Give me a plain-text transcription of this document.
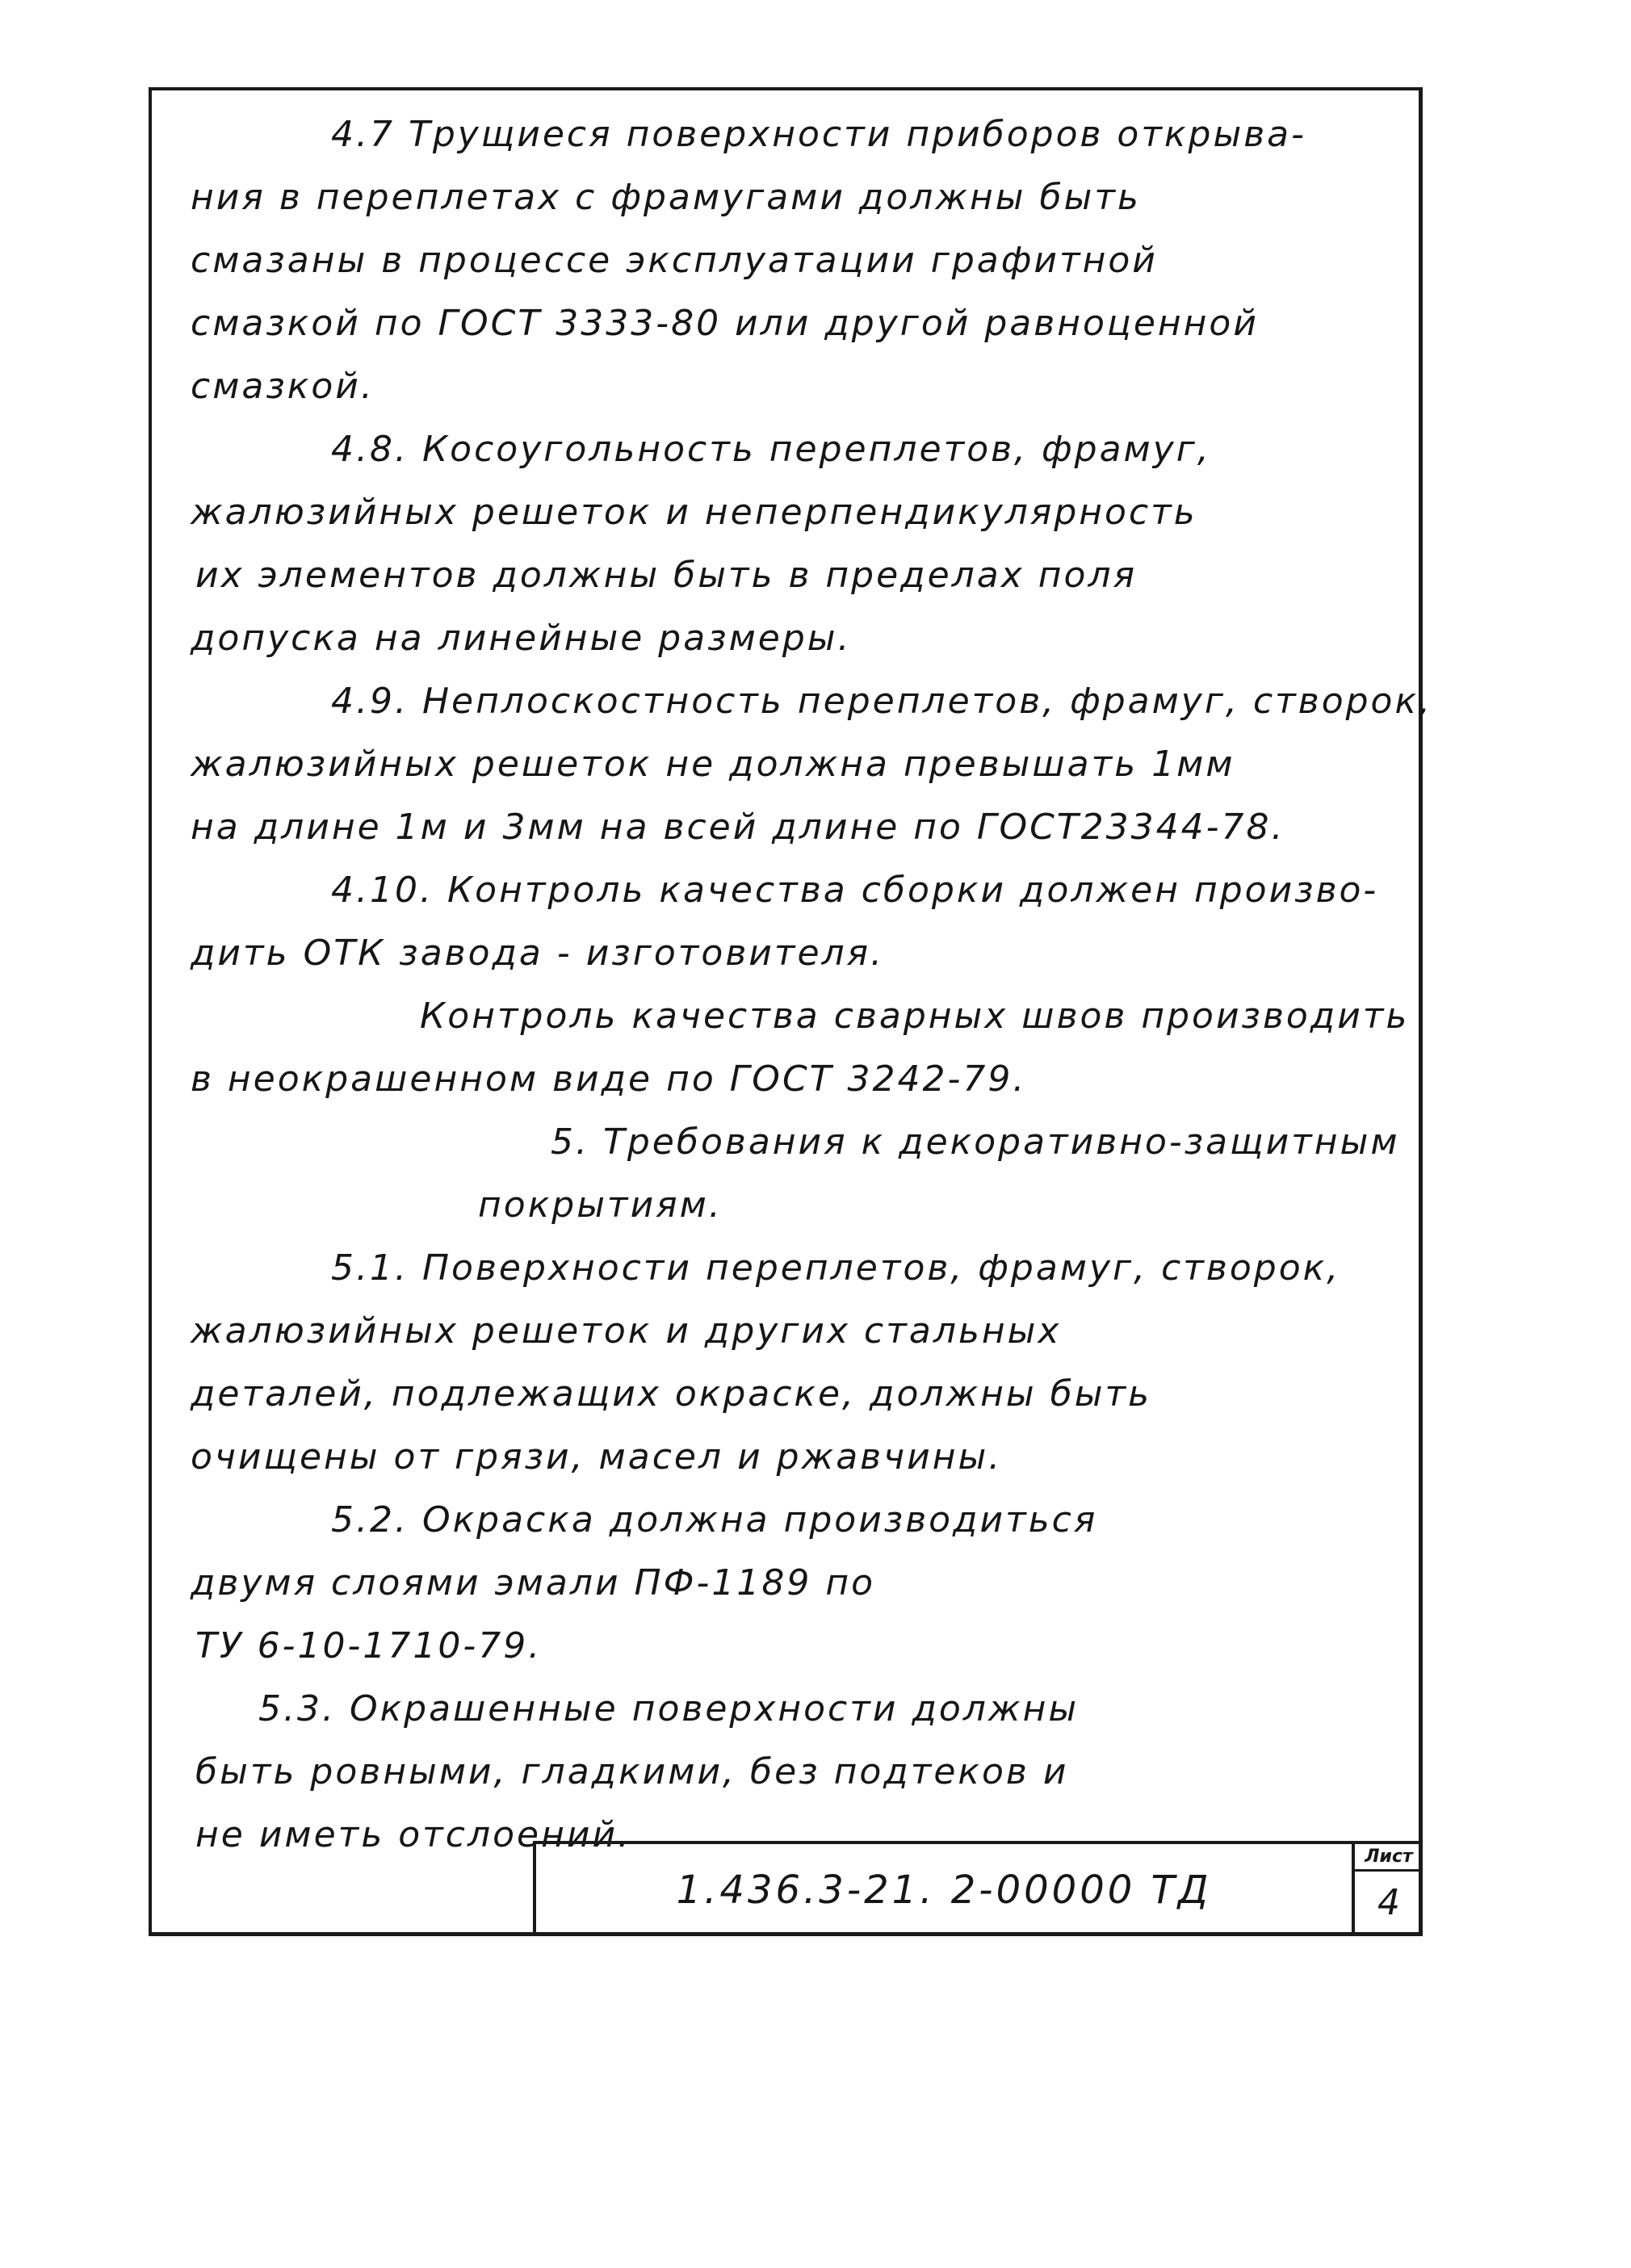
4.7 Трущиеся поверхности приборов открыва-
ния в переплетах с фрамугами должны быть
смазаны в процессе эксплуатации графитной
смазкой по ГОСТ 3333-80 или другой равноценной
смазкой.
4.8. Косоугольность переплетов, фрамуг,
жалюзийных решеток и неперпендикулярность
их элементов должны быть в пределах поля
допуска на линейные размеры.
4.9. Неплоскостность переплетов, фрамуг, створок,
жалюзийных решеток не должна превышать 1мм
на длине 1м и 3мм на всей длине по ГОСТ23344-78.
4.10. Контроль качества сборки должен произво-
дить ОТК завода - изготовителя.
Контроль качества сварных швов производить
в неокрашенном виде по ГОСТ 3242-79.
5. Требования к декоративно-защитным
покрытиям.
5.1. Поверхности переплетов, фрамуг, створок,
жалюзийных решеток и других стальных
деталей, подлежащих окраске, должны быть
очищены от грязи, масел и ржавчины.
5.2. Окраска должна производиться
двумя слоями эмали ПФ-1189 по
ТУ 6-10-1710-79.
5.3. Окрашенные поверхности должны
быть ровными, гладкими, без подтеков и
не иметь отслоений.
1.436.3-21. 2-00000 ТД
Лист
4
